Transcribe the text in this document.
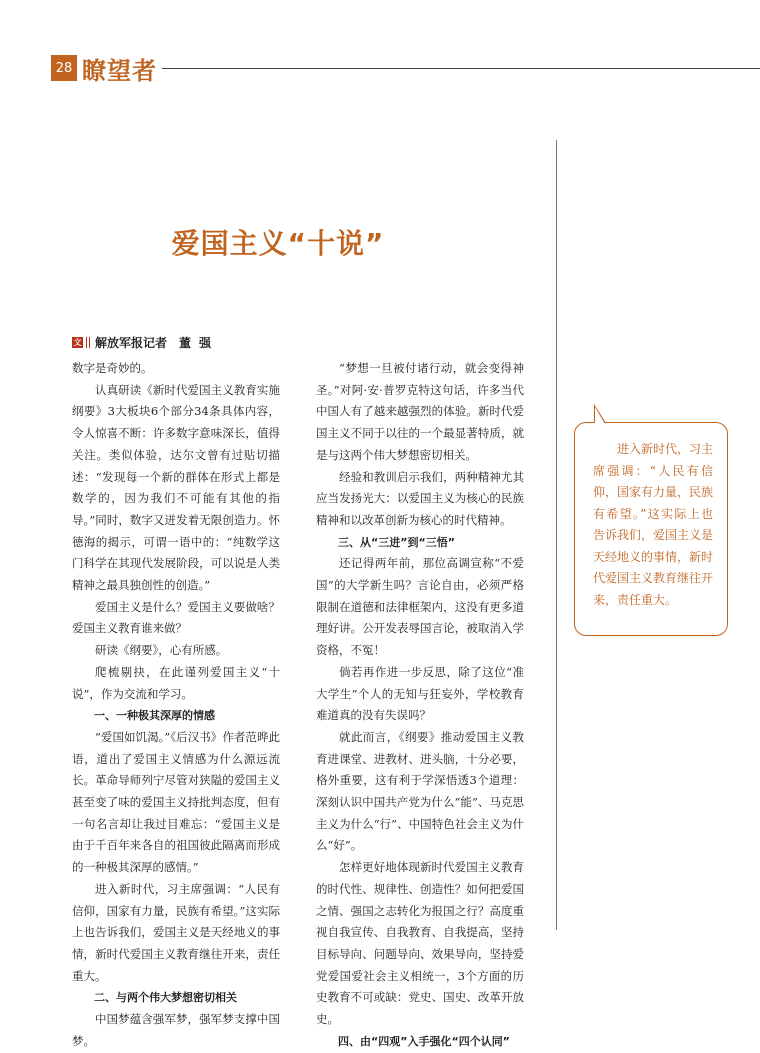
28 瞭望者
爱国主义“十说”
文 解放军报记者 董强

数字是奇妙的。

认真研读《新时代爱国主义教育实施纲要》3大板块6个部分34条具体内容，令人惊喜不断：许多数字意味深长，值得关注。类似体验，达尔文曾有过贴切描述：“发现每一个新的群体在形式上都是数学的，因为我们不可能有其他的指导。”同时，数字又迸发着无限创造力。怀德海的揭示，可谓一语中的：“纯数学这门科学在其现代发展阶段，可以说是人类精神之最具独创性的创造。”

爱国主义是什么？爱国主义要做啥？爱国主义教育谁来做？

研读《纲要》，心有所感。

爬梳剔抉，在此谨列爱国主义“十说”，作为交流和学习。

一、一种极其深厚的情感

“爱国如饥渴。”《后汉书》作者范晔此语，道出了爱国主义情感为什么源远流长。革命导师列宁尽管对狭隘的爱国主义甚至变了味的爱国主义持批判态度，但有一句名言却让我过目难忘：“爱国主义是由于千百年来各自的祖国彼此隔离而形成的一种极其深厚的感情。”

进入新时代，习主席强调：“人民有信仰，国家有力量，民族有希望。”这实际上也告诉我们，爱国主义是天经地义的事情，新时代爱国主义教育继往开来，责任重大。

二、与两个伟大梦想密切相关

中国梦蕴含强军梦，强军梦支撑中国梦。

“梦想一旦被付诸行动，就会变得神圣。”对阿·安·普罗克特这句话，许多当代中国人有了越来越强烈的体验。新时代爱国主义不同于以往的一个最显著特质，就是与这两个伟大梦想密切相关。

经验和教训启示我们，两种精神尤其应当发扬光大：以爱国主义为核心的民族精神和以改革创新为核心的时代精神。

三、从“三进”到“三悟”

还记得两年前，那位高调宣称“不爱国”的大学新生吗？言论自由，必须严格限制在道德和法律框架内，这没有更多道理好讲。公开发表辱国言论，被取消入学资格，不冤！

倘若再作进一步反思，除了这位“准大学生”个人的无知与狂妄外，学校教育难道真的没有失误吗？

就此而言，《纲要》推动爱国主义教育进课堂、进教材、进头脑，十分必要，格外重要，这有利于学深悟透3个道理：深刻认识中国共产党为什么“能”、马克思主义为什么“行”、中国特色社会主义为什么“好”。

怎样更好地体现新时代爱国主义教育的时代性、规律性、创造性？如何把爱国之情、强国之志转化为报国之行？高度重视自我宣传、自我教育、自我提高，坚持目标导向、问题导向、效果导向，坚持爱党爱国爱社会主义相统一，3个方面的历史教育不可或缺：党史、国史、改革开放史。

四、由“四观”入手强化“四个认同”

进入新时代，习主席强调：“人民有信仰，国家有力量，民族有希望。”这实际上也告诉我们，爱国主义是天经地义的事情，新时代爱国主义教育继往开来，责任重大。
